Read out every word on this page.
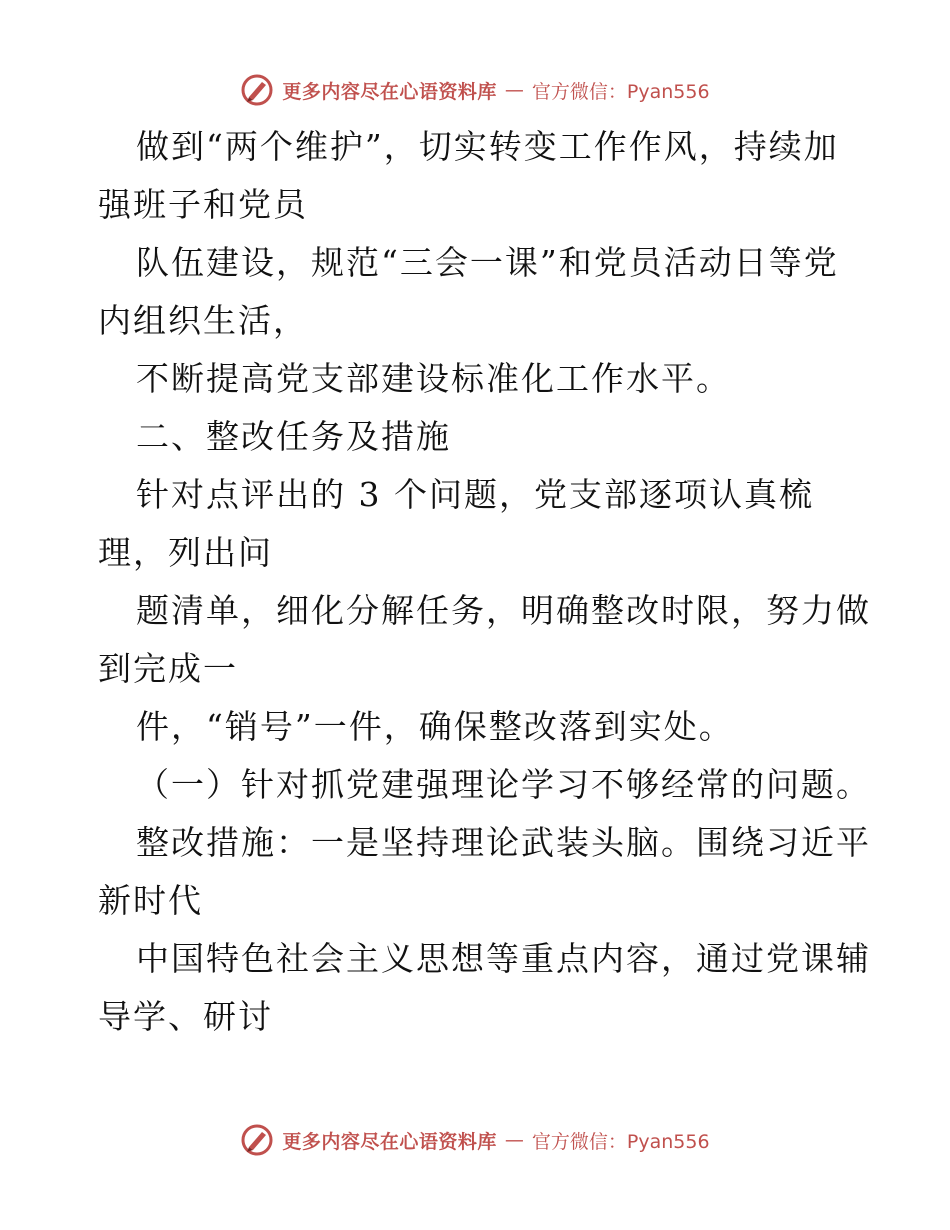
更多内容尽在心语资料库 — 官方微信：Pyan556
做到“两个维护”，切实转变工作作风，持续加
强班子和党员
队伍建设，规范“三会一课”和党员活动日等党
内组织生活，
不断提高党支部建设标准化工作水平。
二、整改任务及措施
针对点评出的 3 个问题，党支部逐项认真梳
理，列出问
题清单，细化分解任务，明确整改时限，努力做
到完成一
件，“销号”一件，确保整改落到实处。
（一）针对抓党建强理论学习不够经常的问题。
整改措施：一是坚持理论武装头脑。围绕习近平
新时代
中国特色社会主义思想等重点内容，通过党课辅
导学、研讨
更多内容尽在心语资料库 — 官方微信：Pyan556
